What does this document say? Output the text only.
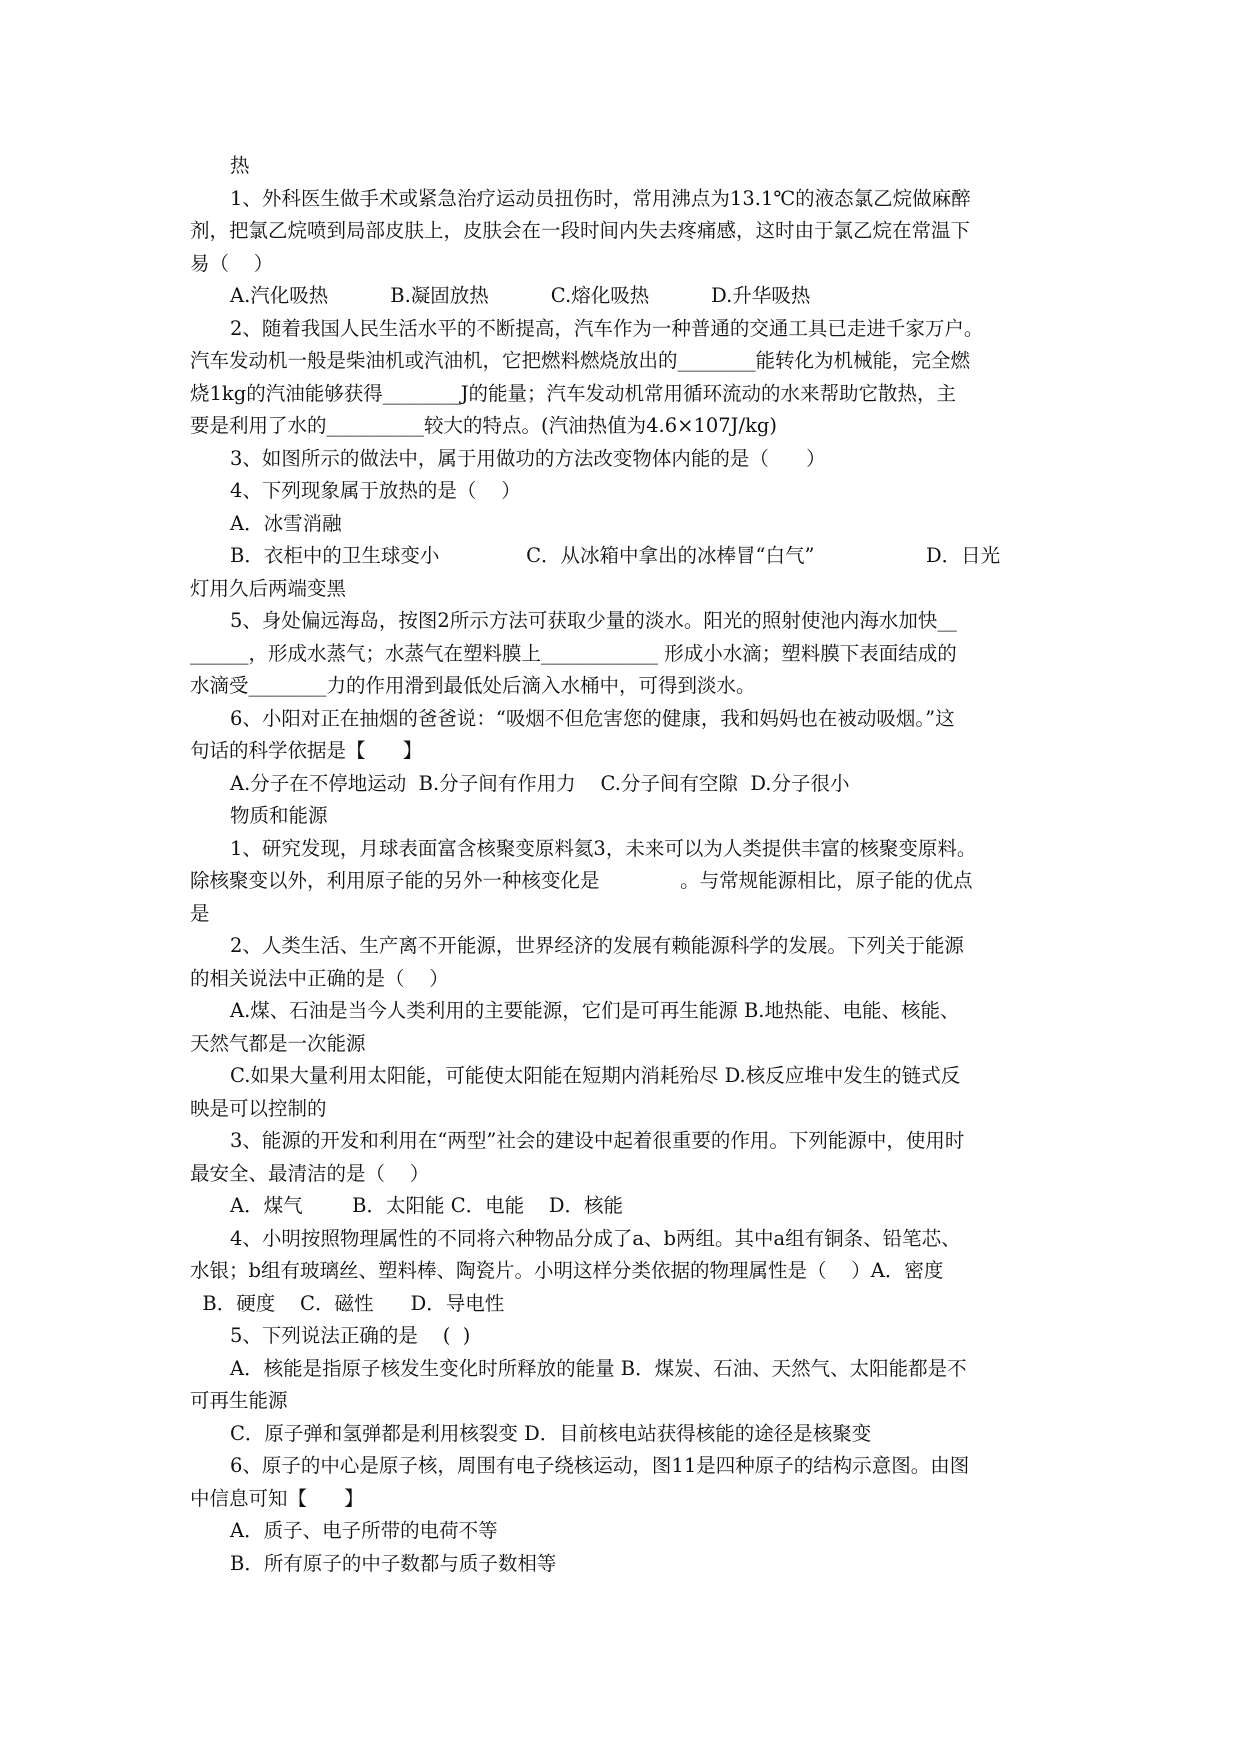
热
1、外科医生做手术或紧急治疗运动员扭伤时，常用沸点为13.1℃的液态氯乙烷做麻醉
剂，把氯乙烷喷到局部皮肤上，皮肤会在一段时间内失去疼痛感，这时由于氯乙烷在常温下
易（    ）
A.汽化吸热          B.凝固放热          C.熔化吸热          D.升华吸热
2、随着我国人民生活水平的不断提高，汽车作为一种普通的交通工具已走进千家万户。
汽车发动机一般是柴油机或汽油机，它把燃料燃烧放出的________能转化为机械能，完全燃
烧1kg的汽油能够获得________J的能量；汽车发动机常用循环流动的水来帮助它散热，主
要是利用了水的__________较大的特点。(汽油热值为4.6×107J/kg)
3、如图所示的做法中，属于用做功的方法改变物体内能的是（      ）
4、下列现象属于放热的是（    ）
A．冰雪消融
B．衣柜中的卫生球变小              C．从冰箱中拿出的冰棒冒“白气”                  D．日光
灯用久后两端变黑
5、身处偏远海岛，按图2所示方法可获取少量的淡水。阳光的照射使池内海水加快__
______，形成水蒸气；水蒸气在塑料膜上____________ 形成小水滴；塑料膜下表面结成的
水滴受________力的作用滑到最低处后滴入水桶中，可得到淡水。
6、小阳对正在抽烟的爸爸说：“吸烟不但危害您的健康，我和妈妈也在被动吸烟。”这
句话的科学依据是【      】
A.分子在不停地运动  B.分子间有作用力    C.分子间有空隙  D.分子很小
物质和能源
1、研究发现，月球表面富含核聚变原料氦3，未来可以为人类提供丰富的核聚变原料。
除核聚变以外，利用原子能的另外一种核变化是             。与常规能源相比，原子能的优点
是
2、人类生活、生产离不开能源，世界经济的发展有赖能源科学的发展。下列关于能源
的相关说法中正确的是（    ）
A.煤、石油是当今人类利用的主要能源，它们是可再生能源 B.地热能、电能、核能、
天然气都是一次能源
C.如果大量利用太阳能，可能使太阳能在短期内消耗殆尽 D.核反应堆中发生的链式反
映是可以控制的
3、能源的开发和利用在“两型”社会的建设中起着很重要的作用。下列能源中，使用时
最安全、最清洁的是（    ）
A．煤气        B．太阳能 C．电能    D．核能
4、小明按照物理属性的不同将六种物品分成了a、b两组。其中a组有铜条、铅笔芯、
水银；b组有玻璃丝、塑料棒、陶瓷片。小明这样分类依据的物理属性是（    ）A．密度
B．硬度    C．磁性      D．导电性
5、下列说法正确的是    (  )
A．核能是指原子核发生变化时所释放的能量 B．煤炭、石油、天然气、太阳能都是不
可再生能源
C．原子弹和氢弹都是利用核裂变 D．目前核电站获得核能的途径是核聚变
6、原子的中心是原子核，周围有电子绕核运动，图11是四种原子的结构示意图。由图
中信息可知【      】
A．质子、电子所带的电荷不等
B．所有原子的中子数都与质子数相等
